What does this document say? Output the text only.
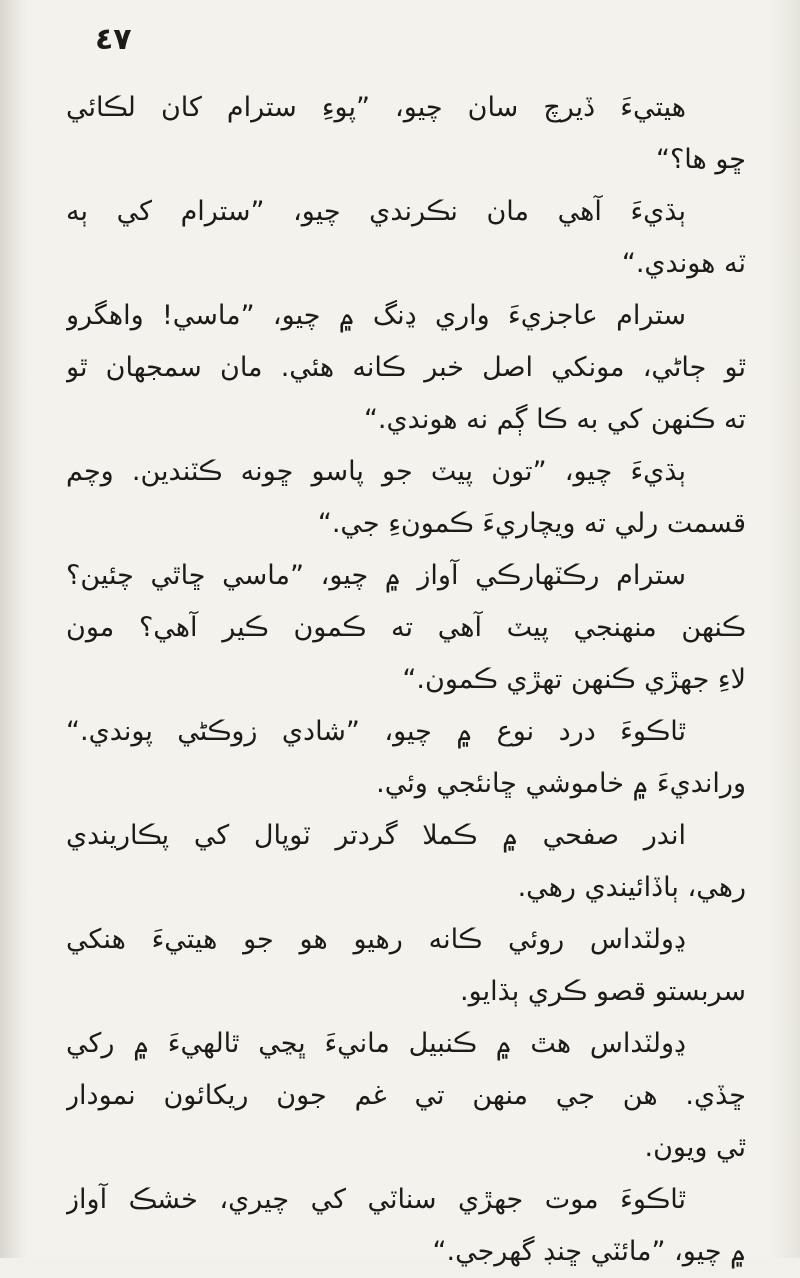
٤٧
هيتيءَ ڏيرچ سان چيو، ”پوءِ سترام کان لڪائي
ڇو ها؟“
ٻڌيءَ آهي مان نڪرندي چيو، ”سترام کي ٻه
ٽه هوندي.“
سترام عاجزيءَ واري ڍنگ ۾ چيو، ”ماسي! واهگرو
ٿو ڄاڻي، مونکي اصل خبر ڪانه هئي. مان سمجهان ٿو
ته ڪنهن کي به ڪا ڳم نه هوندي.“
ٻڌيءَ چيو، ”تون پيٽ جو پاسو ڇونه ڪٽندين. وچم
قسمت رلي ته ويچاريءَ ڪمونءِ جي.“
سترام رڪٽهارڪي آواز ۾ چيو، ”ماسي ڇاٿي چئين؟
ڪنهن منهنجي پيٽ آهي ته ڪمون ڪير آهي؟ مون
لاءِ جهڙي ڪنهن تهڙي ڪمون.“
ٿاڪوءَ درد نوع ۾ چيو، ”شادي زوڪڻي پوندي.“
ورانديءَ ۾ خاموشي ڇانئجي وئي.
اندر صفحي ۾ ڪملا گردتر ٽوپال کي پڪاريندي
رهي، ٻاڏائيندي رهي.
ڍولٽداس روئي ڪانه رهيو هو جو هيتيءَ هنکي
سربستو قصو ڪري ٻڌايو.
ڍولٽداس هٿ ۾ ڪنبيل مانيءَ ڀڃي ٿالهيءَ ۾ رکي
ڇڏي. هن جي منهن تي غم جون ريکائون نمودار
ٿي ويون.
ٿاڪوءَ موت جهڙي سناٽي کي چيري، خشڪ آواز
۾ چيو، ”مائٽي ڇنڊ گهرجي.“
